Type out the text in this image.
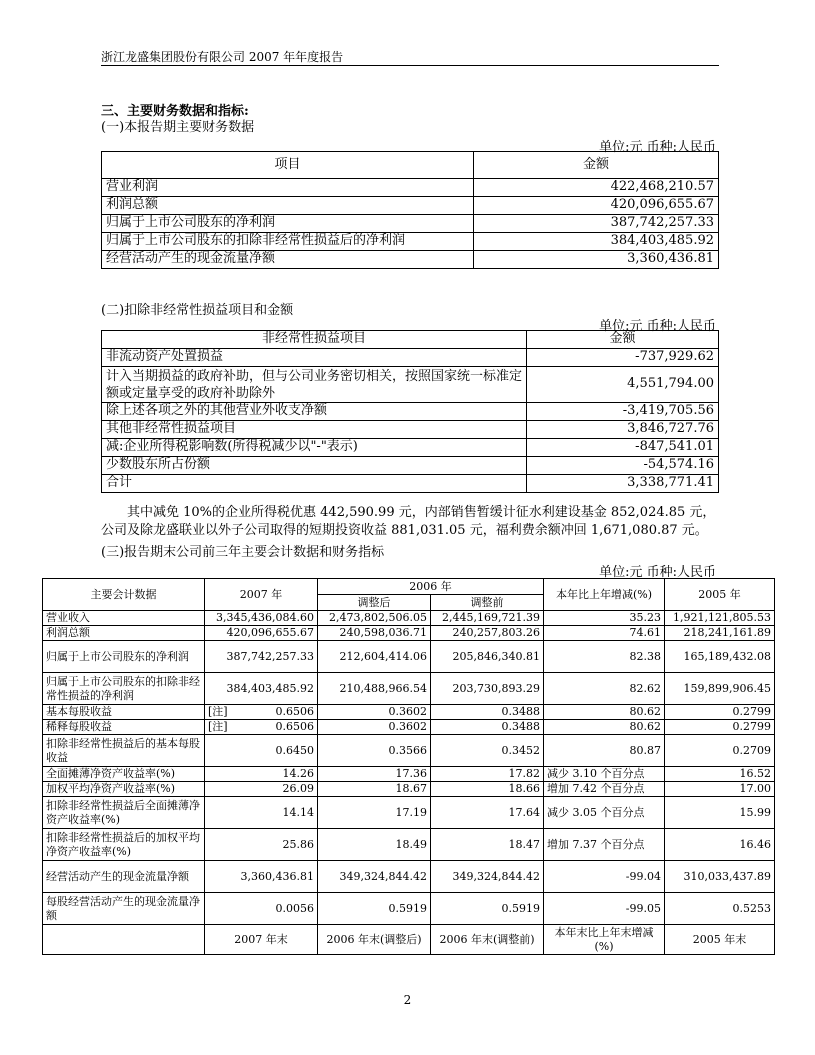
浙江龙盛集团股份有限公司 2007 年年度报告
三、主要财务数据和指标:
(一)本报告期主要财务数据
单位:元 币种:人民币
项目	金额
营业利润	422,468,210.57
利润总额	420,096,655.67
归属于上市公司股东的净利润	387,742,257.33
归属于上市公司股东的扣除非经常性损益后的净利润	384,403,485.92
经营活动产生的现金流量净额	3,360,436.81
(二)扣除非经常性损益项目和金额
单位:元 币种:人民币
非经常性损益项目	金额
非流动资产处置损益	-737,929.62
计入当期损益的政府补助，但与公司业务密切相关，按照国家统一标准定额或定量享受的政府补助除外	4,551,794.00
除上述各项之外的其他营业外收支净额	-3,419,705.56
其他非经常性损益项目	3,846,727.76
减:企业所得税影响数(所得税减少以"-"表示)	-847,541.01
少数股东所占份额	-54,574.16
合计	3,338,771.41
其中减免 10%的企业所得税优惠 442,590.99 元，内部销售暂缓计征水利建设基金 852,024.85 元，
公司及除龙盛联业以外子公司取得的短期投资收益 881,031.05 元，福利费余额冲回 1,671,080.87 元。
(三)报告期末公司前三年主要会计数据和财务指标
单位:元 币种:人民币
主要会计数据	2007 年	2006 年		本年比上年增减(%)	2005 年
		调整后	调整前		
营业收入	3,345,436,084.60	2,473,802,506.05	2,445,169,721.39	35.23	1,921,121,805.53
利润总额	420,096,655.67	240,598,036.71	240,257,803.26	74.61	218,241,161.89
归属于上市公司股东的净利润	387,742,257.33	212,604,414.06	205,846,340.81	82.38	165,189,432.08
归属于上市公司股东的扣除非经常性损益的净利润	384,403,485.92	210,488,966.54	203,730,893.29	82.62	159,899,906.45
基本每股收益	[注] 0.6506	0.3602	0.3488	80.62	0.2799
稀释每股收益	[注] 0.6506	0.3602	0.3488	80.62	0.2799
扣除非经常性损益后的基本每股收益	0.6450	0.3566	0.3452	80.87	0.2709
全面摊薄净资产收益率(%)	14.26	17.36	17.82	减少 3.10 个百分点	16.52
加权平均净资产收益率(%)	26.09	18.67	18.66	增加 7.42 个百分点	17.00
扣除非经常性损益后全面摊薄净资产收益率(%)	14.14	17.19	17.64	减少 3.05 个百分点	15.99
扣除非经常性损益后的加权平均净资产收益率(%)	25.86	18.49	18.47	增加 7.37 个百分点	16.46
经营活动产生的现金流量净额	3,360,436.81	349,324,844.42	349,324,844.42	-99.04	310,033,437.89
每股经营活动产生的现金流量净额	0.0056	0.5919	0.5919	-99.05	0.5253
	2007 年末	2006 年末(调整后)	2006 年末(调整前)	本年末比上年末增减(%)	2005 年末
2
